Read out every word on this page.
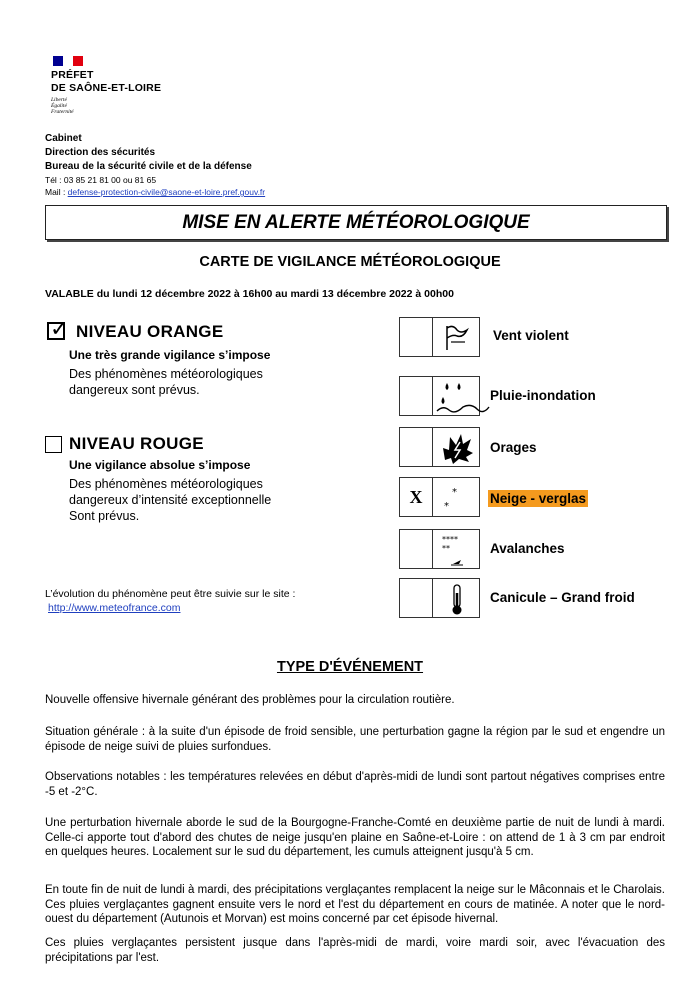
PRÉFET
DE SAÔNE-ET-LOIRE
Liberté
Égalité
Fraternité
Cabinet
Direction des sécurités
Bureau de la sécurité civile et de la défense
Tél : 03 85 21 81 00 ou 81 65
Mail : defense-protection-civile@saone-et-loire.pref.gouv.fr
MISE EN ALERTE MÉTÉOROLOGIQUE
CARTE DE VIGILANCE MÉTÉOROLOGIQUE
VALABLE du lundi 12 décembre 2022 à 16h00 au mardi 13 décembre 2022 à 00h00
✓ NIVEAU ORANGE
Une très grande vigilance s’impose
Des phénomènes météorologiques
dangereux sont prévus.
NIVEAU ROUGE
Une vigilance absolue s’impose
Des phénomènes météorologiques
dangereux d’intensité exceptionnelle
Sont prévus.
L’évolution du phénomène peut être suivie sur le site :
http://www.meteofrance.com
Vent violent
Pluie-inondation
Orages
X	*
*
Neige - verglas
****
**	Avalanches
Canicule – Grand froid
TYPE D'ÉVÉNEMENT
Nouvelle offensive hivernale générant des problèmes pour la circulation routière.
Situation générale : à la suite d'un épisode de froid sensible, une perturbation gagne la région par le sud et engendre un épisode de neige suivi de pluies surfondues.
Observations notables : les températures relevées en début d'après-midi de lundi sont partout négatives comprises entre -5 et -2°C.
Une perturbation hivernale aborde le sud de la Bourgogne-Franche-Comté en deuxième partie de nuit de lundi à mardi. Celle-ci apporte tout d'abord des chutes de neige jusqu'en plaine en Saône-et-Loire : on attend de 1 à 3 cm par endroit en quelques heures. Localement sur le sud du département, les cumuls atteignent jusqu'à 5 cm.
En toute fin de nuit de lundi à mardi, des précipitations verglaçantes remplacent la neige sur le Mâconnais et le Charolais. Ces pluies verglaçantes gagnent ensuite vers le nord et l'est du département en cours de matinée. A noter que le nord-ouest du département (Autunois et Morvan) est moins concerné par cet épisode hivernal.
Ces pluies verglaçantes persistent jusque dans l'après-midi de mardi, voire mardi soir, avec l'évacuation des précipitations par l'est.
